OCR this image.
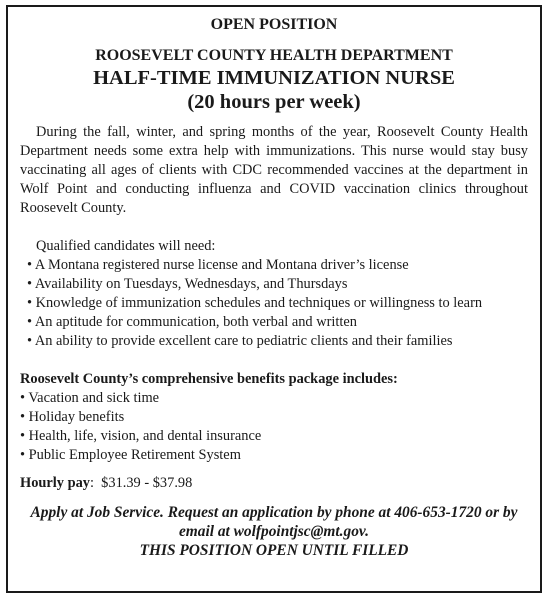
OPEN POSITION
ROOSEVELT COUNTY HEALTH DEPARTMENT
HALF-TIME IMMUNIZATION NURSE
(20 hours per week)
During the fall, winter, and spring months of the year, Roosevelt County Health Department needs some extra help with immunizations. This nurse would stay busy vaccinating all ages of clients with CDC recommended vaccines at the department in Wolf Point and conducting influenza and COVID vaccination clinics throughout Roosevelt County.
Qualified candidates will need:
• A Montana registered nurse license and Montana driver’s license
• Availability on Tuesdays, Wednesdays, and Thursdays
• Knowledge of immunization schedules and techniques or willingness to learn
• An aptitude for communication, both verbal and written
• An ability to provide excellent care to pediatric clients and their families
Roosevelt County’s comprehensive benefits package includes:
• Vacation and sick time
• Holiday benefits
• Health, life, vision, and dental insurance
• Public Employee Retirement System
Hourly pay:  $31.39 - $37.98
Apply at Job Service. Request an application by phone at 406-653-1720 or by email at wolfpointjsc@mt.gov.
THIS POSITION OPEN UNTIL FILLED
